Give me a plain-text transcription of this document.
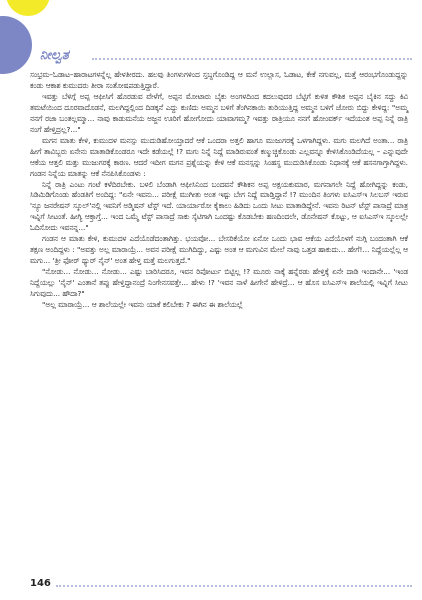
ನೀಲ್ವತ

ಸಂಭ್ರಮ–ಓಡಾಟ–ಹಾರಾಟಗಳನ್ನೆಲ್ಲ ಹೇಳತೀರದು. ಹಲವು ತಿಂಗಳುಗಳಿಂದ ಸ್ತಬ್ಧಗೊಂಡಿದ್ದ ಆ ಮನೆ ಉಲ್ಲಾಸ, ಓಡಾಟ, ಕೇಕೆ ನಗುವಲ್ಲ, ಮತ್ತೆ ಆರಂಭಗೊಂಡುದ್ದನ್ನು ಕಂಡು ಆಕಾಶ ಕುಮುದರು ತೀರಾ ಸಂತೋಷಪಡುತ್ತಿದ್ದಾರೆ.

ಇವತ್ತು ಬೆಳಿಗ್ಗೆ ಅಪ್ಪ ಆಫೀಸಿಗೆ ಹೊರಡುವ ವೇಳೆಗೆ, ಅಪ್ಪನ ಮೋಟಾರು ಬೈಕು ಅಂಗಳದಿಂದ ಕದಲುವುದರ ಬೆಟ್ಟಿಗೆ ಕುಳಿತ ಕೌಶಿಕ ಅಪ್ಪನ ಬೈಕಿನ ಸದ್ದು ಕಿವಿ ತಮಟೆಯಿಂದ ದೂರವಾದೊಡನೆ, ಮಲಗಿದ್ದಲ್ಲಿಂದ ದಿಡಕ್ಕನೆ ಎದ್ದು ಕುಣಿದು ಅಮ್ಮನ ಬಳಿಗೆ ತೆಂಗಿನಕಾಯಿ ತುರಿಯುತ್ತಿದ್ದ ಅಮ್ಮನ ಬಳಿಗೆ ಜೋರು ಬಿದ್ದು ಕೇಳಿದ್ದ: "ಅಮ್ಮ ನನಗೆ ರಜಾ ಬಂತಲ್ಲಮ್ಮಾ... ನಾವು ಕಾಡುಮನೆಯ ಅಜ್ಜನ ಊರಿಗೆ ಹೋಗೋದು ಯಾವಾಗಮ್ಮ? ಇವತ್ತು ರಾತ್ರಿಯೂ ನನಗೆ ಹೋಂವರ್ಕ್ ಇದೆಯಂತ ಅಪ್ಪ ನಿನ್ನೆ ರಾತ್ರಿ ನಂಗೆ ಹೇಳ್ತಿದ್ರಲ್ಲ?..."

ಮಗನ ಮಾತು ಕೇಳಿ, ಕುಮುದಳ ಮನಸ್ಸು ಮುದುಡಿಹೋಯ್ತಾದರೆ ಆಕೆ ಒಂದರಾ ಅತ್ತಲಿ ಹಾಗೂ ಮುಜುಗರಕ್ಕೆ ಒಳಗಾಗಿದ್ದಳು. ಮಗು ಮಲಗಿದೆ ಅಂತಾ... ರಾತ್ರಿ ಹೀಗೆ ತಾವಿಬ್ಬರು ಏನೇನು ಮಾತಾಡಿಕೊಂಡರೂ ಇದೇ ಕಡೆಯಲ್ಲೆ !? ಮಗು ನಿನ್ನೆ ನಿದ್ದೆ ಮಾಡಿರುವಂತೆ ಕಣ್ಮುಚ್ಚಿಕೊಂಡು ಎಲ್ಲವನ್ನೂ ಕೇಳಿಸಿಕೊಂಡಿದೆಯಲ್ಲ – ಎನ್ನುವುದೇ ಆಕೆಯ ಆತ್ತಲಿ ಮತ್ತು ಮುಜುಗರಕ್ಕೆ ಕಾರಣ. ಆದರೆ ಇದೀಗ ಮಗನ ಪ್ರಶ್ನೆಯನ್ನು ಕೇಳಿ ಆಕೆ ಮನಸ್ಸನ್ನು ಸಿಂಹಸ್ಥ ಮುದುಡಿಸಿಕೊಂಡು ನಿಧಾನಕ್ಕೆ ಆಕೆ ಹಸನಗಾಗ್ತಾಗಿದ್ದಳು. ಗಂಡನ ನಿನ್ನೆಯ ಮಾತನ್ನು ಆಕೆ ನೆನಪಿಸಿಕೊಂಡಳು :

ನಿನ್ನೆ ರಾತ್ರಿ ಎಂಟು ಗಂಟೆ ಕಳೆದಿರಬೇಕು. ಬಳಲಿ ಬೆಂಡಾಗಿ ಆಫೀಸಿನಿಂದ ಬಂದವನೆ ಕೌಶಿಕನ ಅಪ್ಪ ಅಕ್ಷಯಕುಮಾರ, ಮಗನಾಗಲೇ ನಿದ್ದೆ ಹೋಗಿದ್ದನ್ನು ಕಂಡು, ಸಿಡಿಮಿಡಿಗೊಂಡು ಹೆಂಡತಿಗೆ ಅಂದಿದ್ದ: "ಏನೇ ಇವನು... ಪರೀಕ್ಷೆ ಮುಗೀತು ಅಂತ ಇಷ್ಟು ಬೇಗ ನಿದ್ದೆ ಮಾಡ್ತಿದ್ದಾನೆ !? ಮುಂದಿನ ತಿಂಗಳು ಐಸಿಎಸ್ಇ ಸಿಲಬಸ್ ಇರುವ 'ನ್ಯೂ ಜನರೇಷನ್ ಸ್ಕೂಲ್'ನಲ್ಲಿ ಇವನಿಗೆ ಅಡ್ಮಿಷನ್ ಟೆಸ್ಟ್ ಇದೆ. ಯಾರ್ಯಾರೋ ಕೈಕಾಲು ಹಿಡಿದು ಒಂದು ಸೀಟು ಮಾತಾಡಿದ್ದೇನೆ. ಇವನು ರಿಟನ್ ಟೆಸ್ಟ್ ಪಾಸಾದ್ರೆ ಮಾತ್ರ ಇವ್ನಿಗೆ ಸೀಟಂತೆ. ಹೀಗ್ಯಿ ಆಕ್ತಾಗ್ತೆ... ಇಂದ ಒಮ್ಮೆ ಟೆಸ್ಟ್ ಪಾಸಾದ್ರೆ ಸಾಕು ಸ್ಕೆಟಿಗಾಗಿ ಒಂದಷ್ಟು ಕೊಡಬೇಕು ಹಣದಿಂದಲೇ, ಡೊನೇಷನ್ ಕೊಟ್ಟು, ಆ ಐಸಿಎಸ್ಇ ಸ್ಕೂಲಲ್ಲೇ ಓದಿಸೋದು ಇವನನ್ನ..."

ಗಂಡನ ಆ ಮಾತು ಕೇಳಿ, ಕುಮುದಳ ಎದೆಯೊಡೆದಂತಾಗಿತ್ತು. ಭಯವೋ... ಬೇಸರಿಕೆಯೋ ಏನೋ ಒಂದು ಭಾವ ಆಕೆಯ ಎದೆಯೊಳಗೆ ನುಗ್ಗಿ ಬಂದಂತಾಗಿ ಆಕೆ ತಕ್ಷಣ ಅಂದಿದ್ದಳು : "ಅವತ್ತು ಅಲ್ಲ ಮಾರಾಯ್ರೆ... ಅವನ ಪರೀಕ್ಷೆ ಮುಗಿದಿದ್ದು, ಎಷ್ಟು ಅಂತ ಆ ಮಗುವಿನ ಮೇಲೆ ನಾವು ಒತ್ತಡ ಹಾಕುದು... ಹೇಗೆ!... ನಿದ್ದೆಯಲ್ಲೆಲ್ಲ ಆ ಮಗು... 'ತ್ರೀ ಫೋರ್ ಥ್ಯುರ್ ನೈನ್' ಅಂತ ಹೇಳ್ತ ಮತ್ತೆ ಮಲಗುತ್ತದೆ."

"ನೋಡು... ನೋಡು... ನೋಡು... ಎಷ್ಟು ಬಾರಿಸಿದರೂ, ಇವನ ರಿಪೋರ್ಟು ಬಿಟ್ಟಿಲ್ಲ !? ಮೂರು ನಾಕ್ಕೆ ಹನ್ನೆರಡು ಹೇಳ್ತಿಕ್ಕೆ ಏನೇ ದಾಡಿ ಇಂದಾನೇ... 'ಇಂಡ ನಿದ್ದೆಯಲ್ಲು 'ನೈನ್' ಎಂತಾನೆ ತಪ್ಪು ಹೇಳ್ತಿದ್ದಾನಂದ್ರೆ ನಿಂಗೇನಸವತ್ತೇ... ಹೇಳು !? 'ಇವನ ನಾಳೆ ಹೀಗೇನೆ ಹೇಳಿದ್ರೆ... ಆ ಹೊಸ ಐಸಿಎಸ್ಇ ಶಾಲೆಯಲ್ಲಿ ಇವ್ನಿಗೆ ಸೀಟು ಸಿಗುವುದು... ಹೌದಾ?"

"ಅಲ್ಲ ಮಾರಾಯ್ರೆ... ಆ ಶಾಲೆಯಲ್ಲೇ ಇವನು ಯಾಕೆ ಕಲಿಬೇಕು ? ಈಗಿನ ಈ ಶಾಲೆಯಲ್ಲೆ

146
